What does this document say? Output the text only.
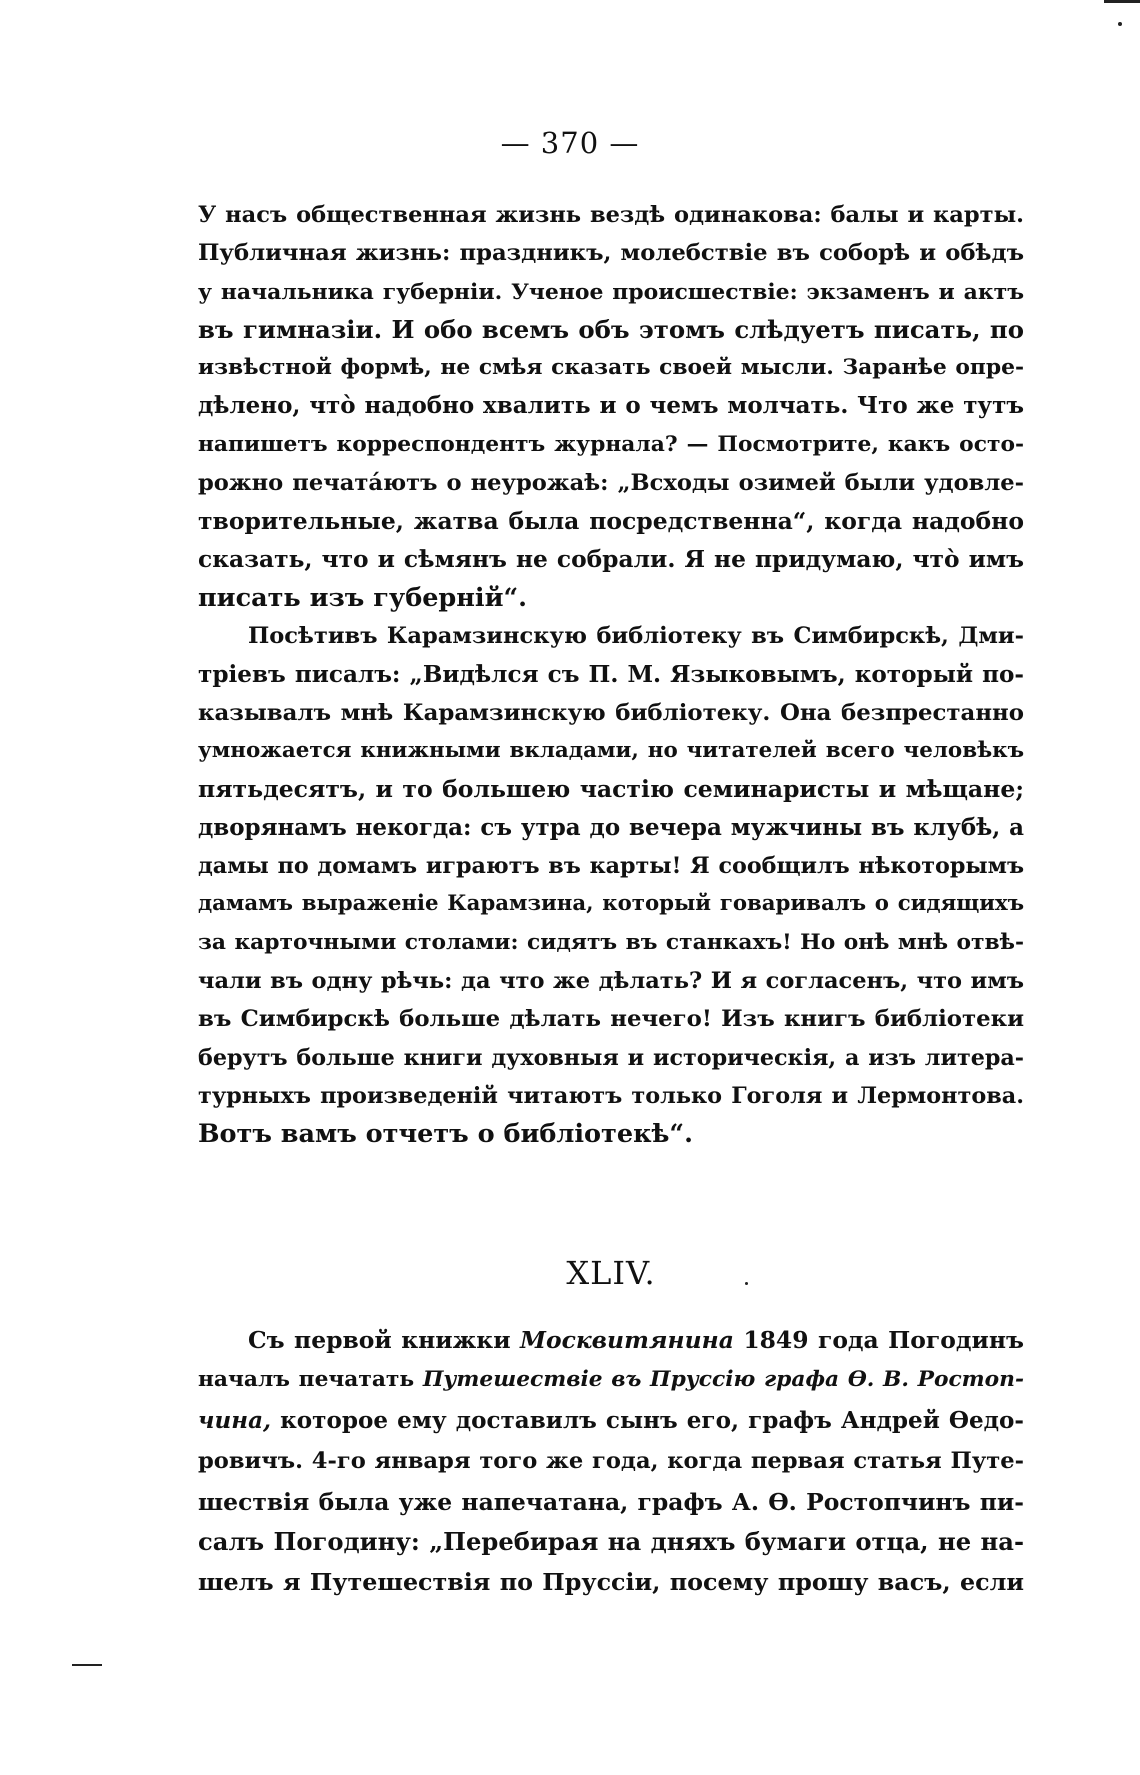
— 370 —
У насъ общественная жизнь вездѣ одинакова: балы и карты.
Публичная жизнь: праздникъ, молебствіе въ соборѣ и обѣдъ
у начальника губерніи. Ученое происшествіе: экзаменъ и актъ
въ гимназіи. И обо всемъ объ этомъ слѣдуетъ писать, по
извѣстной формѣ, не смѣя сказать своей мысли. Заранѣе опре-
дѣлено, что̀ надобно хвалить и о чемъ молчать. Что же тутъ
напишетъ корреспондентъ журнала? — Посмотрите, какъ осто-
рожно печата́ютъ о неурожаѣ: „Всходы озимей были удовле-
творительные, жатва была посредственна“, когда надобно
сказать, что и сѣмянъ не собрали. Я не придумаю, что̀ имъ
писать изъ губерній“.
Посѣтивъ Карамзинскую библіотеку въ Симбирскѣ, Дми-
тріевъ писалъ: „Видѣлся съ П. М. Языковымъ, который по-
казывалъ мнѣ Карамзинскую библіотеку. Она безпрестанно
умножается книжными вкладами, но читателей всего человѣкъ
пятьдесятъ, и то большею частію семинаристы и мѣщане;
дворянамъ некогда: съ утра до вечера мужчины въ клубѣ, а
дамы по домамъ играютъ въ карты! Я сообщилъ нѣкоторымъ
дамамъ выраженіе Карамзина, который говаривалъ о сидящихъ
за карточными столами: сидятъ въ станкахъ! Но онѣ мнѣ отвѣ-
чали въ одну рѣчь: да что же дѣлать? И я согласенъ, что имъ
въ Симбирскѣ больше дѣлать нечего! Изъ книгъ библіотеки
берутъ больше книги духовныя и историческія, а изъ литера-
турныхъ произведеній читаютъ только Гоголя и Лермонтова.
Вотъ вамъ отчетъ о библіотекѣ“.
XLIV.
Съ первой книжки Москвитянина 1849 года Погодинъ
началъ печатать Путешествіе въ Пруссію графа Ѳ. В. Ростоп-
чина, которое ему доставилъ сынъ его, графъ Андрей Ѳедо-
ровичъ. 4-го января того же года, когда первая статья Путе-
шествія была уже напечатана, графъ А. Ѳ. Ростопчинъ пи-
салъ Погодину: „Перебирая на дняхъ бумаги отца, не на-
шелъ я Путешествія по Пруссіи, посему прошу васъ, если
